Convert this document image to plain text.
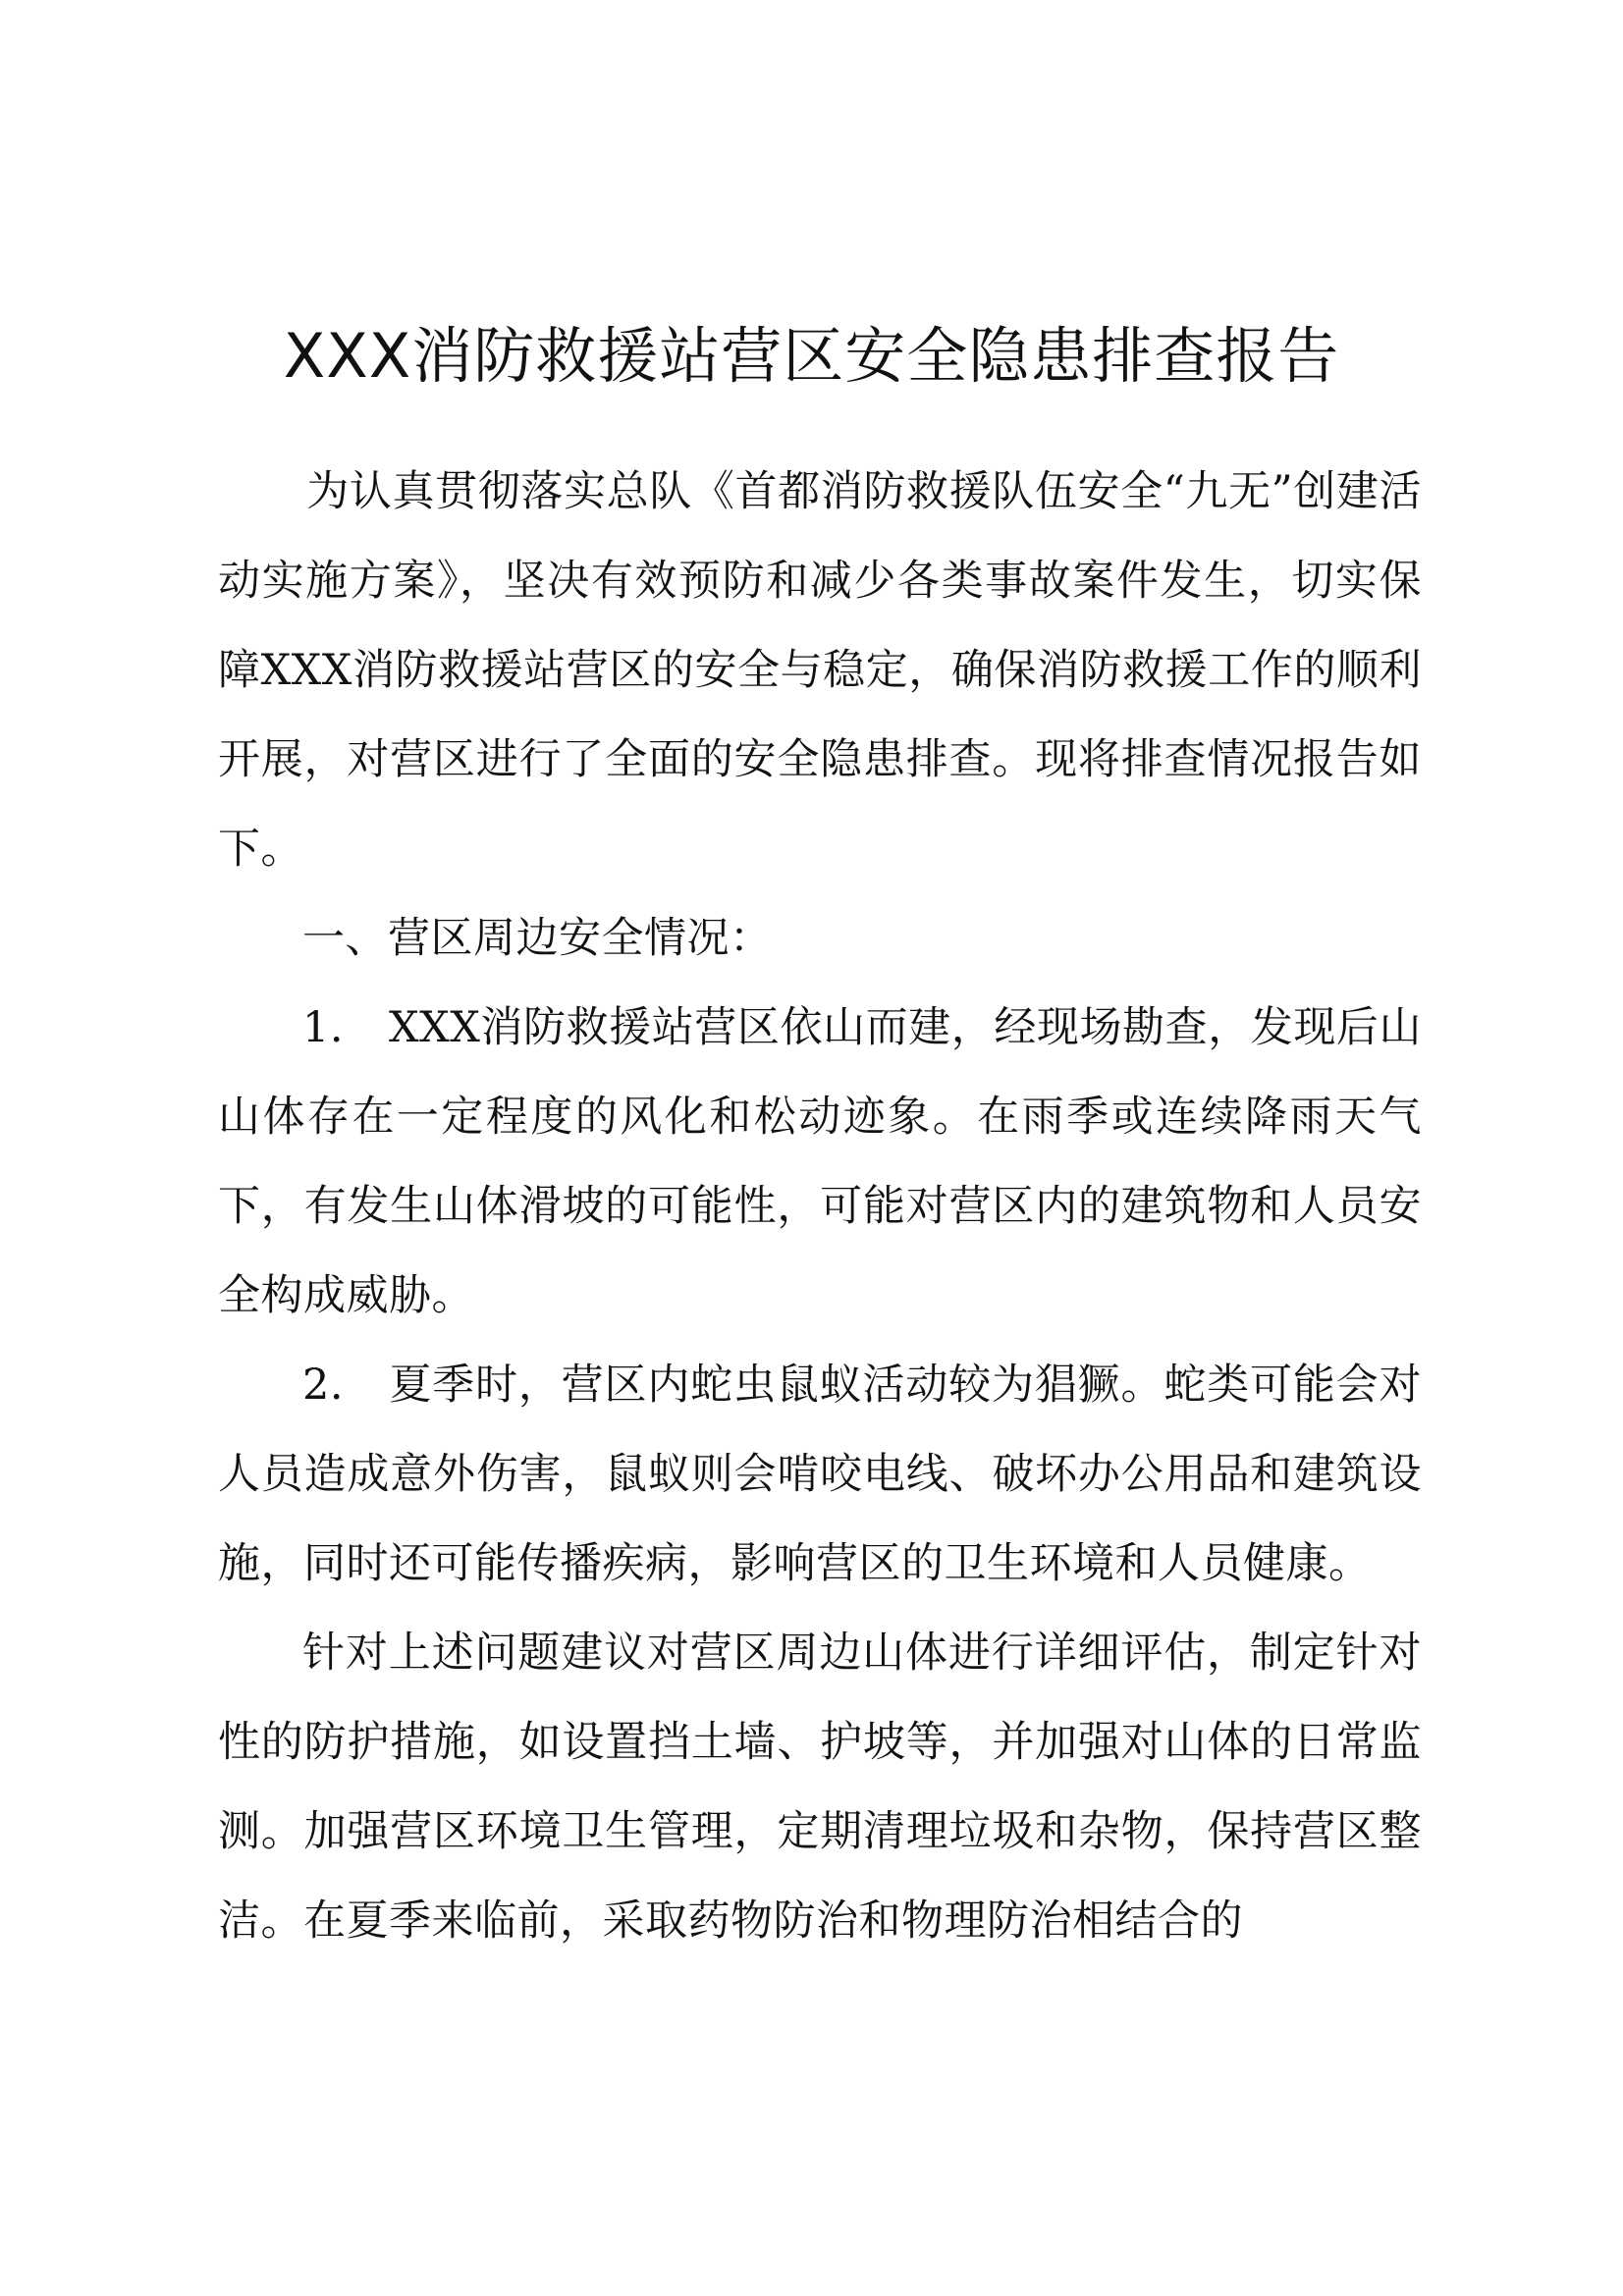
XXX消防救援站营区安全隐患排查报告

为认真贯彻落实总队《首都消防救援队伍安全“九无”创建活动实施方案》，坚决有效预防和减少各类事故案件发生，切实保障XXX消防救援站营区的安全与稳定，确保消防救援工作的顺利开展，对营区进行了全面的安全隐患排查。现将排查情况报告如下。

一、营区周边安全情况：

1. XXX消防救援站营区依山而建，经现场勘查，发现后山山体存在一定程度的风化和松动迹象。在雨季或连续降雨天气下，有发生山体滑坡的可能性，可能对营区内的建筑物和人员安全构成威胁。

2. 夏季时，营区内蛇虫鼠蚁活动较为猖獗。蛇类可能会对人员造成意外伤害，鼠蚁则会啃咬电线、破坏办公用品和建筑设施，同时还可能传播疾病，影响营区的卫生环境和人员健康。

针对上述问题建议对营区周边山体进行详细评估，制定针对性的防护措施，如设置挡土墙、护坡等，并加强对山体的日常监测。加强营区环境卫生管理，定期清理垃圾和杂物，保持营区整洁。在夏季来临前，采取药物防治和物理防治相结合的
